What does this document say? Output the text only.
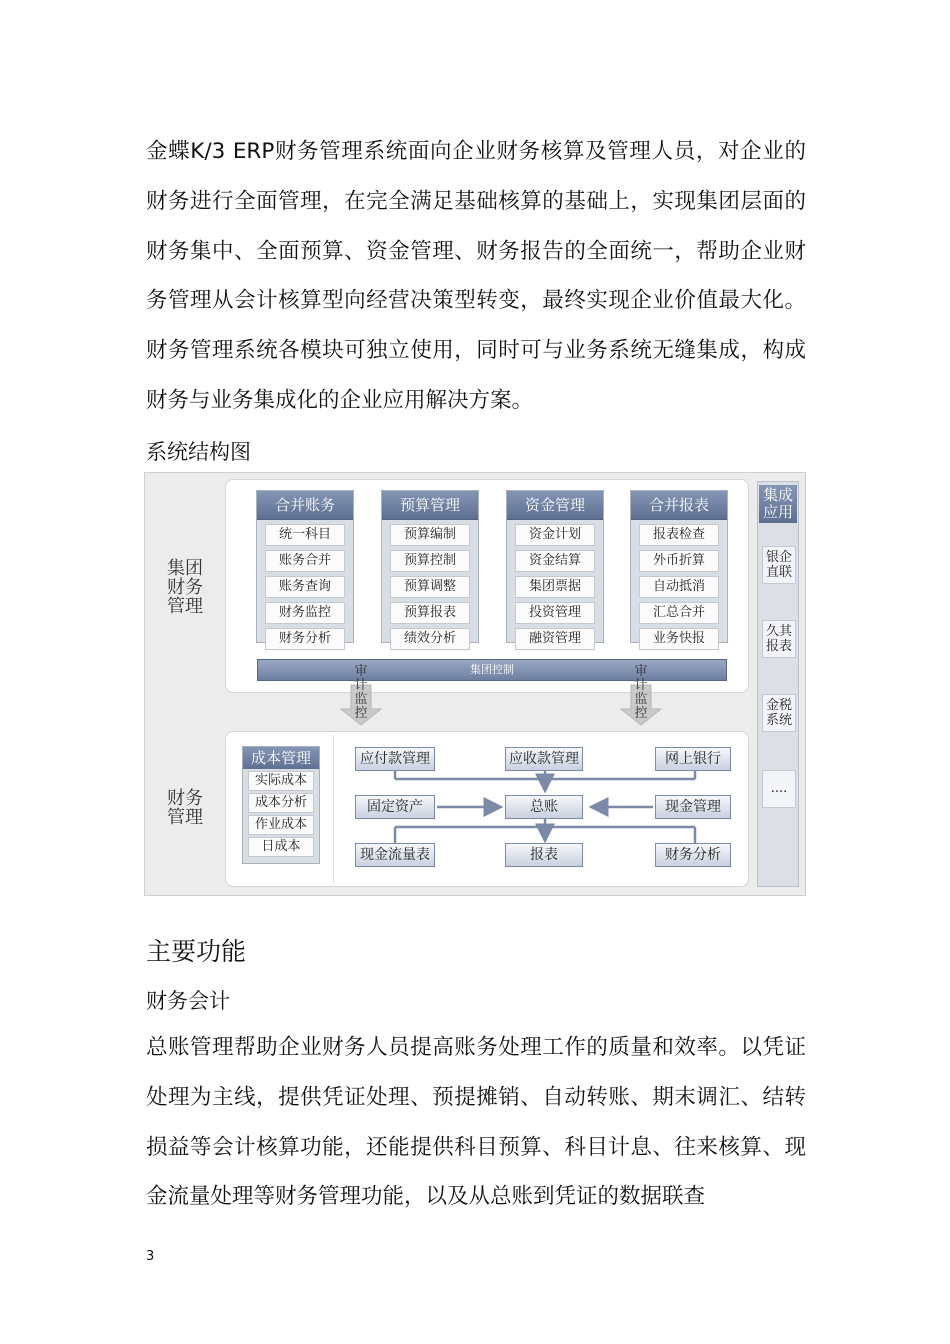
金蝶K/3 ERP财务管理系统面向企业财务核算及管理人员，对企业的财务进行全面管理，在完全满足基础核算的基础上，实现集团层面的财务集中、全面预算、资金管理、财务报告的全面统一，帮助企业财务管理从会计核算型向经营决策型转变，最终实现企业价值最大化。财务管理系统各模块可独立使用，同时可与业务系统无缝集成，构成财务与业务集成化的企业应用解决方案。
系统结构图
合并账务
统一科目
账务合并
账务查询
财务监控
财务分析
预算管理
预算编制
预算控制
预算调整
预算报表
绩效分析
资金管理
资金计划
资金结算
集团票据
投资管理
融资管理
合并报表
报表检查
外币折算
自动抵消
汇总合并
业务快报
集团
财务
管理
财务
管理
集团控制
审
计
监
控
审
计
监
控
成本管理
实际成本
成本分析
作业成本
日成本
应付款管理	应收款管理	网上银行
固定资产	总账	现金管理
现金流量表	报表	财务分析
集成
应用
银企
直联
久其
报表
金税
系统
....
主要功能
财务会计
总账管理帮助企业财务人员提高账务处理工作的质量和效率。以凭证处理为主线，提供凭证处理、预提摊销、自动转账、期末调汇、结转损益等会计核算功能，还能提供科目预算、科目计息、往来核算、现金流量处理等财务管理功能，以及从总账到凭证的数据联查
3
